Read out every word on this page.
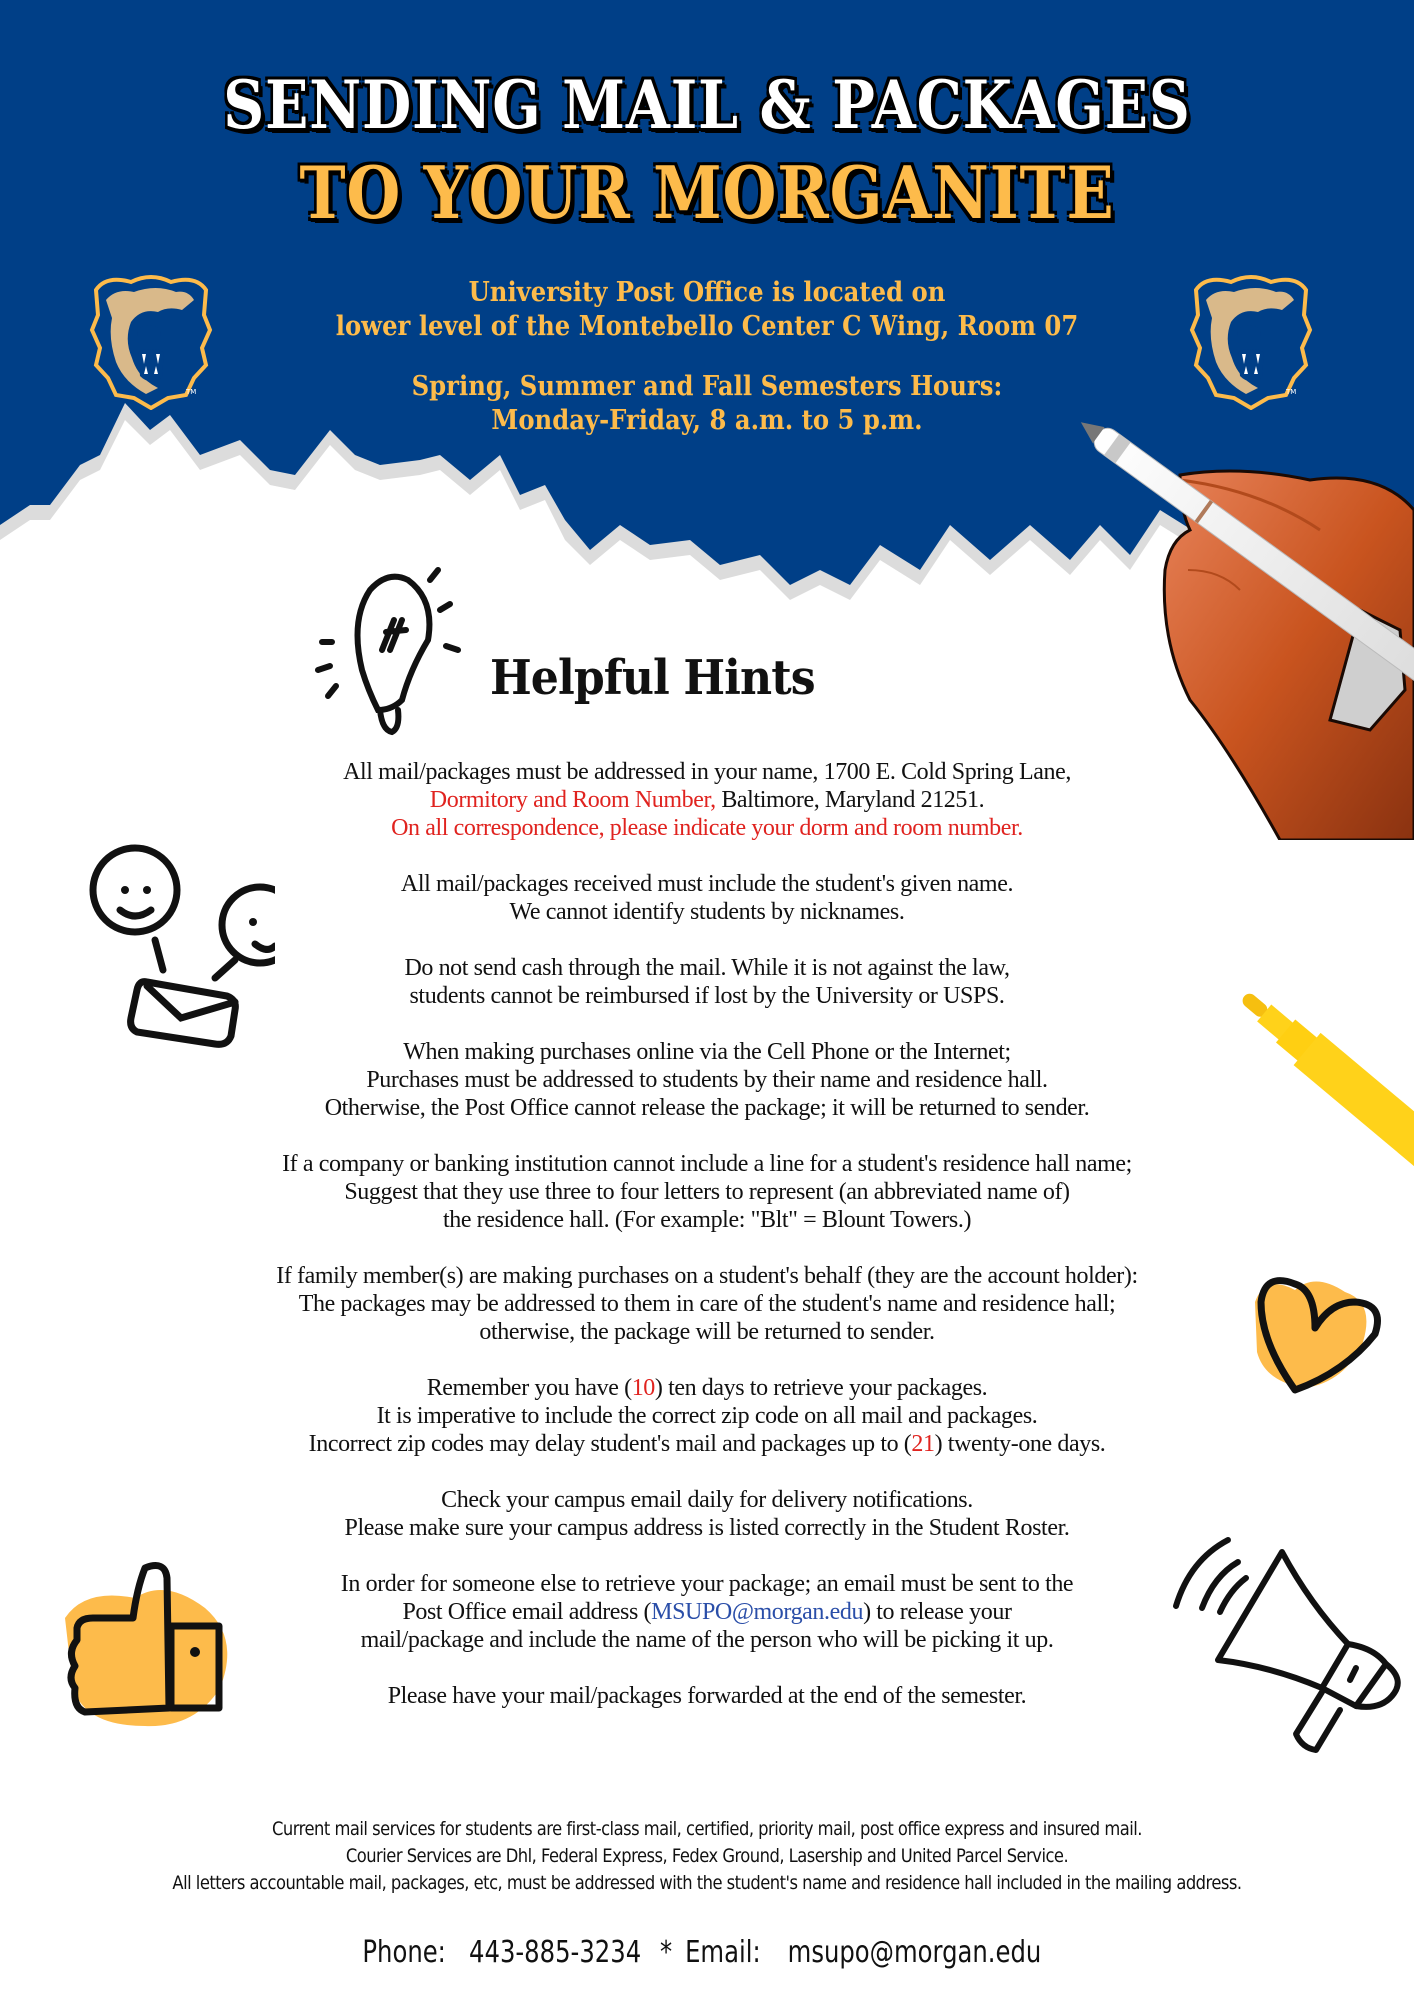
SENDING MAIL & PACKAGES
TO YOUR MORGANITE
TM	TM
University Post Office is located on
lower level of the Montebello Center C Wing, Room 07
Spring, Summer and Fall Semesters Hours:
Monday-Friday, 8 a.m. to 5 p.m.
Helpful Hints

All mail/packages must be addressed in your name, 1700 E. Cold Spring Lane,

Dormitory and Room Number, Baltimore, Maryland 21251.

On all correspondence, please indicate your dorm and room number.

All mail/packages received must include the student's given name.

We cannot identify students by nicknames.

Do not send cash through the mail. While it is not against the law,

students cannot be reimbursed if lost by the University or USPS.

When making purchases online via the Cell Phone or the Internet;

Purchases must be addressed to students by their name and residence hall.

Otherwise, the Post Office cannot release the package; it will be returned to sender.

If a company or banking institution cannot include a line for a student's residence hall name;

Suggest that they use three to four letters to represent (an abbreviated name of)

the residence hall. (For example: "Blt" = Blount Towers.)

If family member(s) are making purchases on a student's behalf (they are the account holder):

The packages may be addressed to them in care of the student's name and residence hall;

otherwise, the package will be returned to sender.

Remember you have (10) ten days to retrieve your packages.

It is imperative to include the correct zip code on all mail and packages.

Incorrect zip codes may delay student's mail and packages up to (21) twenty-one days.

Check your campus email daily for delivery notifications.

Please make sure your campus address is listed correctly in the Student Roster.

In order for someone else to retrieve your package; an email must be sent to the

Post Office email address (MSUPO@morgan.edu) to release your

mail/package and include the name of the person who will be picking it up.

Please have your mail/packages forwarded at the end of the semester.

Current mail services for students are first-class mail, certified, priority mail, post office express and insured mail.

Courier Services are Dhl, Federal Express, Fedex Ground, Lasership and United Parcel Service.

All letters accountable mail, packages, etc, must be addressed with the student's name and residence hall included in the mailing address.

Phone: 443-885-3234 * Email: msupo@morgan.edu
